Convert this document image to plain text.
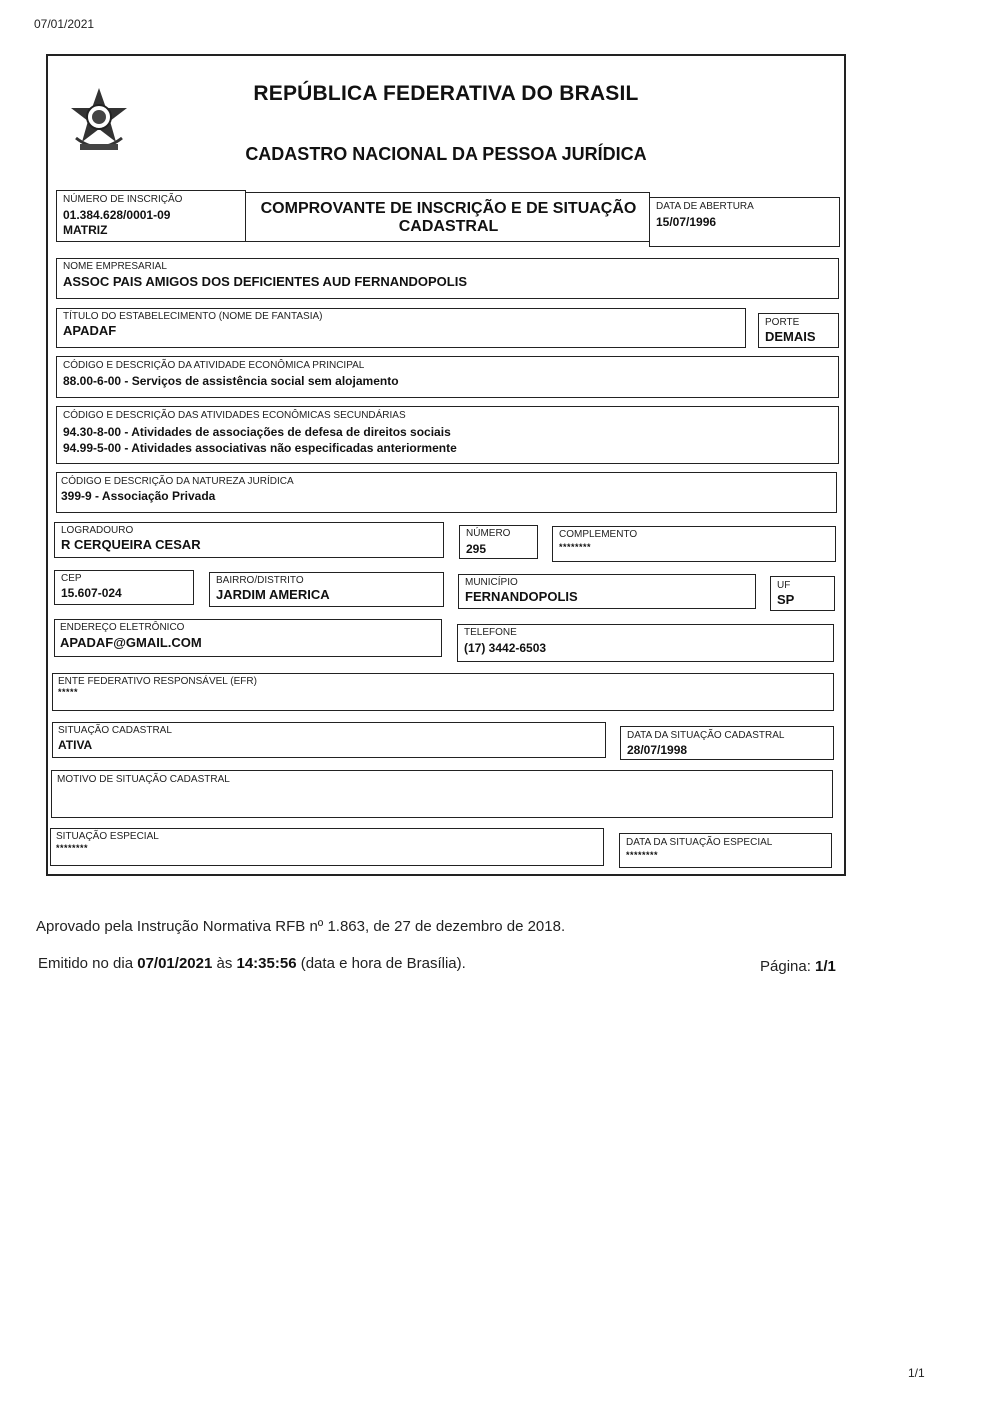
07/01/2021
1/1
REPÚBLICA FEDERATIVA DO BRASIL
CADASTRO NACIONAL DA PESSOA JURÍDICA
NÚMERO DE INSCRIÇÃO
01.384.628/0001-09
MATRIZ
COMPROVANTE DE INSCRIÇÃO E DE SITUAÇÃO
CADASTRAL
DATA DE ABERTURA
15/07/1996
NOME EMPRESARIAL
ASSOC PAIS AMIGOS DOS DEFICIENTES AUD FERNANDOPOLIS
TÍTULO DO ESTABELECIMENTO (NOME DE FANTASIA)
APADAF
PORTE
DEMAIS
CÓDIGO E DESCRIÇÃO DA ATIVIDADE ECONÔMICA PRINCIPAL
88.00-6-00 - Serviços de assistência social sem alojamento
CÓDIGO E DESCRIÇÃO DAS ATIVIDADES ECONÔMICAS SECUNDÁRIAS
94.30-8-00 - Atividades de associações de defesa de direitos sociais
94.99-5-00 - Atividades associativas não especificadas anteriormente
CÓDIGO E DESCRIÇÃO DA NATUREZA JURÍDICA
399-9 - Associação Privada
LOGRADOURO
R CERQUEIRA CESAR
NÚMERO
295
COMPLEMENTO
********
CEP
15.607-024
BAIRRO/DISTRITO
JARDIM AMERICA
MUNICÍPIO
FERNANDOPOLIS
UF
SP
ENDEREÇO ELETRÔNICO
APADAF@GMAIL.COM
TELEFONE
(17) 3442-6503
ENTE FEDERATIVO RESPONSÁVEL (EFR)
*****
SITUAÇÃO CADASTRAL
ATIVA
DATA DA SITUAÇÃO CADASTRAL
28/07/1998
MOTIVO DE SITUAÇÃO CADASTRAL
SITUAÇÃO ESPECIAL
********	DATA DA SITUAÇÃO ESPECIAL
********
Aprovado pela Instrução Normativa RFB nº 1.863, de 27 de dezembro de 2018.
Emitido no dia 07/01/2021 às 14:35:56 (data e hora de Brasília).	Página: 1/1
